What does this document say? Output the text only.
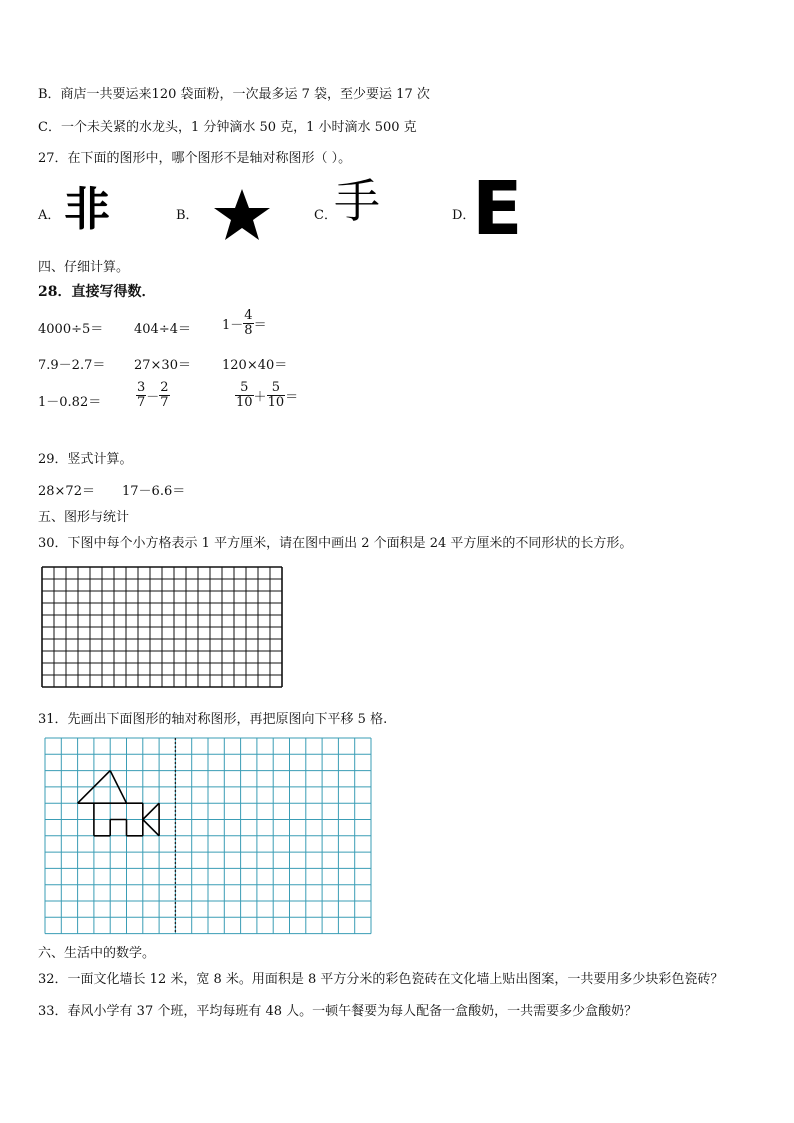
B．商店一共要运来120 袋面粉，一次最多运 7 袋，至少要运 17 次
C．一个未关紧的水龙头，1 分钟滴水 50 克，1 小时滴水 500 克
27．在下面的图形中，哪个图形不是轴对称图形（ ）。
A． 非	B．	C．
手	D．
E
四、仔细计算。
28．直接写得数．
$4000\div 5= 404\div 4= 1- \frac{4}{8}$ ＝
7.9－2.7＝ 27×30＝ 120×40＝
1－0.82＝	$\frac{3}{7} - \frac{2}{7}$	$\frac{5}{10} + \frac{5}{10}$ ＝
29．竖式计算。
28×72＝ 17－6.6＝
五、图形与统计
30．下图中每个小方格表示 1 平方厘米，请在图中画出 2 个面积是 24 平方厘米的不同形状的长方形。
31．先画出下面图形的轴对称图形，再把原图向下平移 5 格.
六、生活中的数学。
32．一面文化墙长 12 米，宽 8 米。用面积是 8 平方分米的彩色瓷砖在文化墙上贴出图案，一共要用多少块彩色瓷砖？
33．春风小学有 37 个班，平均每班有 48 人。一顿午餐要为每人配备一盒酸奶，一共需要多少盒酸奶？
